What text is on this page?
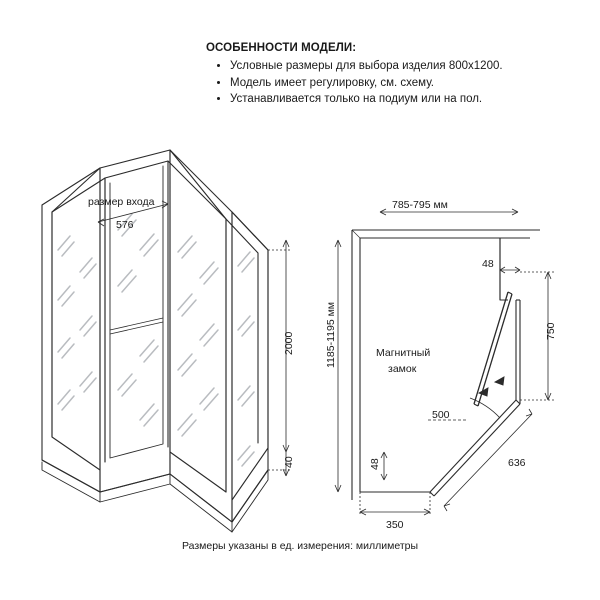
ОСОБЕННОСТИ МОДЕЛИ:

• Условные размеры для выбора изделия 800x1200.
• Модель имеет регулировку, см. схему.
• Устанавливается только на подиум или на пол.
размер входа
576
2000
40
785-795 мм
1185-1195 мм
48
750
500
636
48
350
Магнитный
замок
Размеры указаны в ед. измерения: миллиметры
